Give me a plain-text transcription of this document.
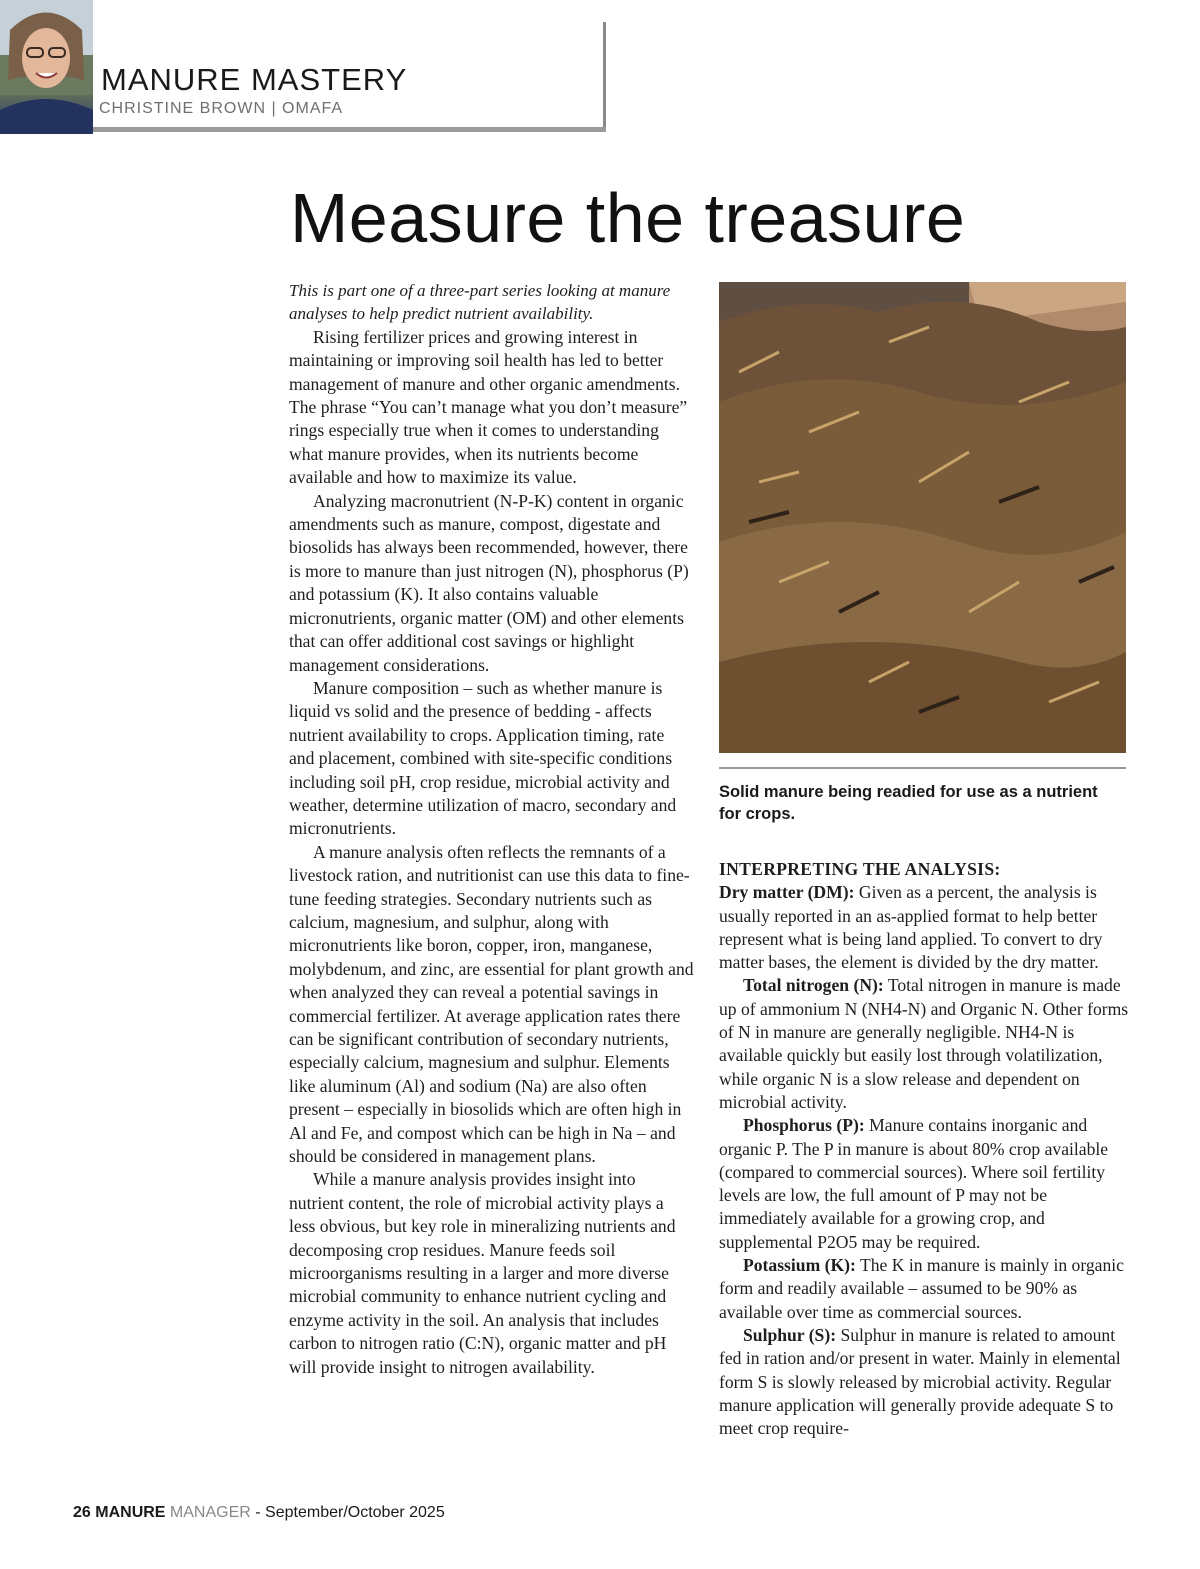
MANURE MASTERY
CHRISTINE BROWN | OMAFA
Measure the treasure

This is part one of a three-part series looking at manure analyses to help predict nutrient availability.

Rising fertilizer prices and growing interest in maintaining or improving soil health has led to better management of manure and other organic amendments. The phrase “You can’t manage what you don’t measure” rings especially true when it comes to understanding what manure provides, when its nutrients become available and how to maximize its value.

Analyzing macronutrient (N-P-K) content in organic amendments such as manure, compost, digestate and biosolids has always been recommended, however, there is more to manure than just nitrogen (N), phosphorus (P) and potassium (K). It also contains valuable micronutrients, organic matter (OM) and other elements that can offer additional cost savings or highlight management considerations.

Manure composition – such as whether manure is liquid vs solid and the presence of bedding - affects nutrient availability to crops. Application timing, rate and placement, combined with site-specific conditions including soil pH, crop residue, microbial activity and weather, determine utilization of macro, secondary and micronutrients.

A manure analysis often reflects the remnants of a livestock ration, and nutritionist can use this data to fine-tune feeding strategies. Secondary nutrients such as calcium, magnesium, and sulphur, along with micronutrients like boron, copper, iron, manganese, molybdenum, and zinc, are essential for plant growth and when analyzed they can reveal a potential savings in commercial fertilizer. At average application rates there can be significant contribution of secondary nutrients, especially calcium, magnesium and sulphur. Elements like aluminum (Al) and sodium (Na) are also often present – especially in biosolids which are often high in Al and Fe, and compost which can be high in Na – and should be considered in management plans.

While a manure analysis provides insight into nutrient content, the role of microbial activity plays a less obvious, but key role in mineralizing nutrients and decomposing crop residues. Manure feeds soil microorganisms resulting in a larger and more diverse microbial community to enhance nutrient cycling and enzyme activity in the soil. An analysis that includes carbon to nitrogen ratio (C:N), organic matter and pH will provide insight to nitrogen availability.

Solid manure being readied for use as a nutrient for crops.

INTERPRETING THE ANALYSIS:

Dry matter (DM): Given as a percent, the analysis is usually reported in an as-applied format to help better represent what is being land applied. To convert to dry matter bases, the element is divided by the dry matter.

Total nitrogen (N): Total nitrogen in manure is made up of ammonium N (NH4-N) and Organic N. Other forms of N in manure are generally negligible. NH4-N is available quickly but easily lost through volatilization, while organic N is a slow release and dependent on microbial activity.

Phosphorus (P): Manure contains inorganic and organic P. The P in manure is about 80% crop available (compared to commercial sources). Where soil fertility levels are low, the full amount of P may not be immediately available for a growing crop, and supplemental P2O5 may be required.

Potassium (K): The K in manure is mainly in organic form and readily available – assumed to be 90% as available over time as commercial sources.

Sulphur (S): Sulphur in manure is related to amount fed in ration and/or present in water. Mainly in elemental form S is slowly released by microbial activity. Regular manure application will generally provide adequate S to meet crop require-

26 MANURE MANAGER - September/October 2025
